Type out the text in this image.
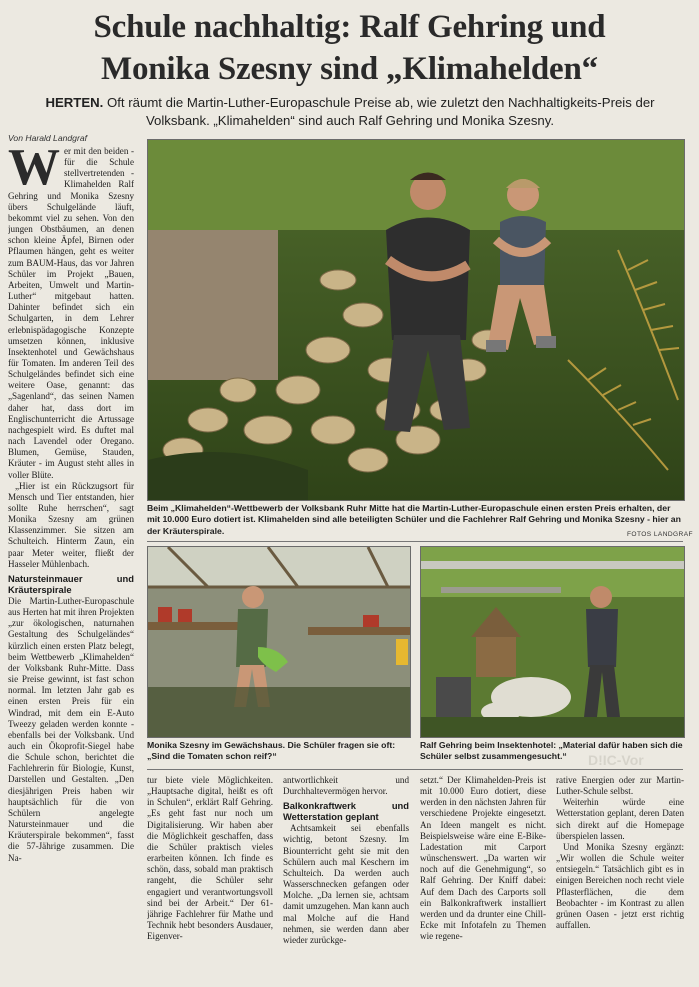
Schule nachhaltig: Ralf Gehring und
Monika Szesny sind „Klimahelden“
HERTEN. Oft räumt die Martin-Luther-Europaschule Preise ab, wie zuletzt den Nachhaltigkeits-Preis der Volksbank. „Klimahelden“ sind auch Ralf Gehring und Monika Szesny.
Von Harald Landgraf

Wer mit den beiden - für die Schule stellvertretenden - Klimahelden Ralf Gehring und Monika Szesny übers Schulgelände läuft, bekommt viel zu sehen. Von den jungen Obstbäumen, an denen schon kleine Äpfel, Birnen oder Pflaumen hängen, geht es weiter zum BAUM-Haus, das vor Jahren Schüler im Projekt „Bauen, Arbeiten, Umwelt und Martin-Luther“ mitgebaut hatten. Dahinter befindet sich ein Schulgarten, in dem Lehrer erlebnispädagogische Konzepte umsetzen können, inklusive Insektenhotel und Gewächshaus für Tomaten. Im anderen Teil des Schulgeländes befindet sich eine weitere Oase, genannt: das „Sagenland“, das seinen Namen daher hat, dass dort im Englischunterricht die Artussage nachgespielt wird. Es duftet mal nach Lavendel oder Oregano. Blumen, Gemüse, Stauden, Kräuter - im August steht alles in voller Blüte.

„Hier ist ein Rückzugsort für Mensch und Tier entstanden, hier sollte Ruhe herrschen“, sagt Monika Szesny am grünen Klassenzimmer. Sie sitzen am Schulteich. Hinterm Zaun, ein paar Meter weiter, fließt der Hasseler Mühlenbach.

Natursteinmauer und Kräuterspirale

Die Martin-Luther-Europaschule aus Herten hat mit ihren Projekten „zur ökologischen, naturnahen Gestaltung des Schulgeländes“ kürzlich einen ersten Platz belegt, beim Wettbewerb „Klimahelden“ der Volksbank Ruhr-Mitte. Dass sie Preise gewinnt, ist fast schon normal. Im letzten Jahr gab es einen ersten Preis für ein Windrad, mit dem ein E-Auto Tweezy geladen werden konnte - ebenfalls bei der Volksbank. Und auch ein Ökoprofit-Siegel habe die Schule schon, berichtet die Fachlehrerin für Biologie, Kunst, Darstellen und Gestalten. „Den diesjährigen Preis haben wir hauptsächlich für die von Schülern angelegte Natursteinmauer und die Kräuterspirale bekommen“, fasst die 57-Jährige zusammen. Die Na-

Beim „Klimahelden“-Wettbewerb der Volksbank Ruhr Mitte hat die Martin-Luther-Europaschule einen ersten Preis erhalten, der mit 10.000 Euro dotiert ist. Klimahelden sind alle beteiligten Schüler und die Fachlehrer Ralf Gehring und Monika Szesny - hier an der Kräuterspirale.	FOTOS LANDGRAF
Monika Szesny im Gewächshaus. Die Schüler fragen sie oft: „Sind die Tomaten schon reif?“
Ralf Gehring beim Insektenhotel: „Material dafür haben sich die Schüler selbst zusammengesucht.“

tur biete viele Möglichkeiten. „Hauptsache digital, heißt es oft in Schulen“, erklärt Ralf Gehring. „Es geht fast nur noch um Digitalisierung. Wir haben aber die Möglichkeit geschaffen, dass die Schüler praktisch vieles erarbeiten können. Ich finde es schön, dass, sobald man praktisch rangeht, die Schüler sehr engagiert und verantwortungsvoll sind bei der Arbeit.“ Der 61-jährige Fachlehrer für Mathe und Technik hebt besonders Ausdauer, Eigenver-

antwortlichkeit und Durchhaltevermögen hervor.

Balkonkraftwerk und Wetterstation geplant

Achtsamkeit sei ebenfalls wichtig, betont Szesny. Im Biounterricht geht sie mit den Schülern auch mal Keschern im Schulteich. Da werden auch Wasserschnecken gefangen oder Molche. „Da lernen sie, achtsam damit umzugehen. Man kann auch mal Molche auf die Hand nehmen, sie werden dann aber wieder zurückge-

setzt.“ Der Klimahelden-Preis ist mit 10.000 Euro dotiert, diese werden in den nächsten Jahren für verschiedene Projekte eingesetzt. An Ideen mangelt es nicht. Beispielsweise wäre eine E-Bike-Ladestation mit Carport wünschenswert. „Da warten wir noch auf die Genehmigung“, so Ralf Gehring. Der Kniff dabei: Auf dem Dach des Carports soll ein Balkonkraftwerk installiert werden und da drunter eine Chill-Ecke mit Infotafeln zu Themen wie regene-

rative Energien oder zur Martin-Luther-Schule selbst.

Weiterhin würde eine Wetterstation geplant, deren Daten sich direkt auf die Homepage überspielen lassen.

Und Monika Szesny ergänzt: „Wir wollen die Schule weiter entsiegeln.“ Tatsächlich gibt es in einigen Bereichen noch recht viele Pflasterflächen, die dem Beobachter - im Kontrast zu allen grünen Oasen - jetzt erst richtig auffallen.

D!IC-Vor
